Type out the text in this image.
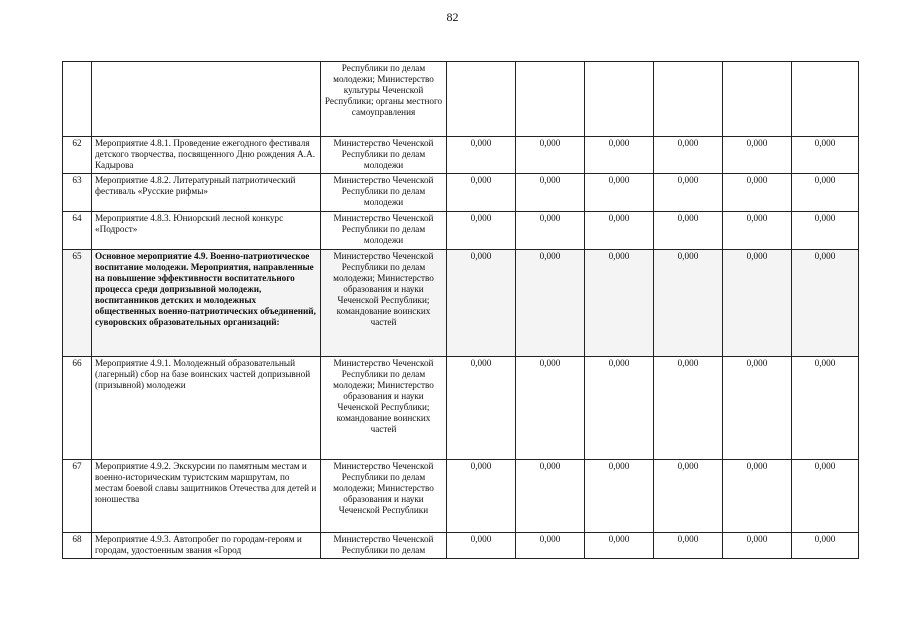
82
		Республики по делам молодежи; Министерство культуры Чеченской Республики; органы местного самоуправления						
62	Мероприятие 4.8.1. Проведение ежегодного фестиваля детского творчества, посвященного Дню рождения А.А. Кадырова	Министерство Чеченской Республики по делам молодежи	0,000	0,000	0,000	0,000	0,000	0,000
63	Мероприятие 4.8.2. Литературный патриотический фестиваль «Русские рифмы»	Министерство Чеченской Республики по делам молодежи	0,000	0,000	0,000	0,000	0,000	0,000
64	Мероприятие 4.8.3. Юниорский лесной конкурс «Подрост»	Министерство Чеченской Республики по делам молодежи	0,000	0,000	0,000	0,000	0,000	0,000
65	Основное мероприятие 4.9. Военно-патриотическое воспитание молодежи. Мероприятия, направленные на повышение эффективности воспитательного процесса среди допризывной молодежи, воспитанников детских и молодежных общественных военно-патриотических объединений, суворовских образовательных организаций:	Министерство Чеченской Республики по делам молодежи; Министерство образования и науки Чеченской Республики; командование воинских частей	0,000	0,000	0,000	0,000	0,000	0,000
66	Мероприятие 4.9.1. Молодежный образовательный (лагерный) сбор на базе воинских частей допризывной (призывной) молодежи	Министерство Чеченской Республики по делам молодежи; Министерство образования и науки Чеченской Республики; командование воинских частей	0,000	0,000	0,000	0,000	0,000	0,000
67	Мероприятие 4.9.2. Экскурсии по памятным местам и военно-историческим туристским маршрутам, по местам боевой славы защитников Отечества для детей и юношества	Министерство Чеченской Республики по делам молодежи; Министерство образования и науки Чеченской Республики	0,000	0,000	0,000	0,000	0,000	0,000
68	Мероприятие 4.9.3. Автопробег по городам-героям и городам, удостоенным звания «Город	Министерство Чеченской Республики по делам	0,000	0,000	0,000	0,000	0,000	0,000
